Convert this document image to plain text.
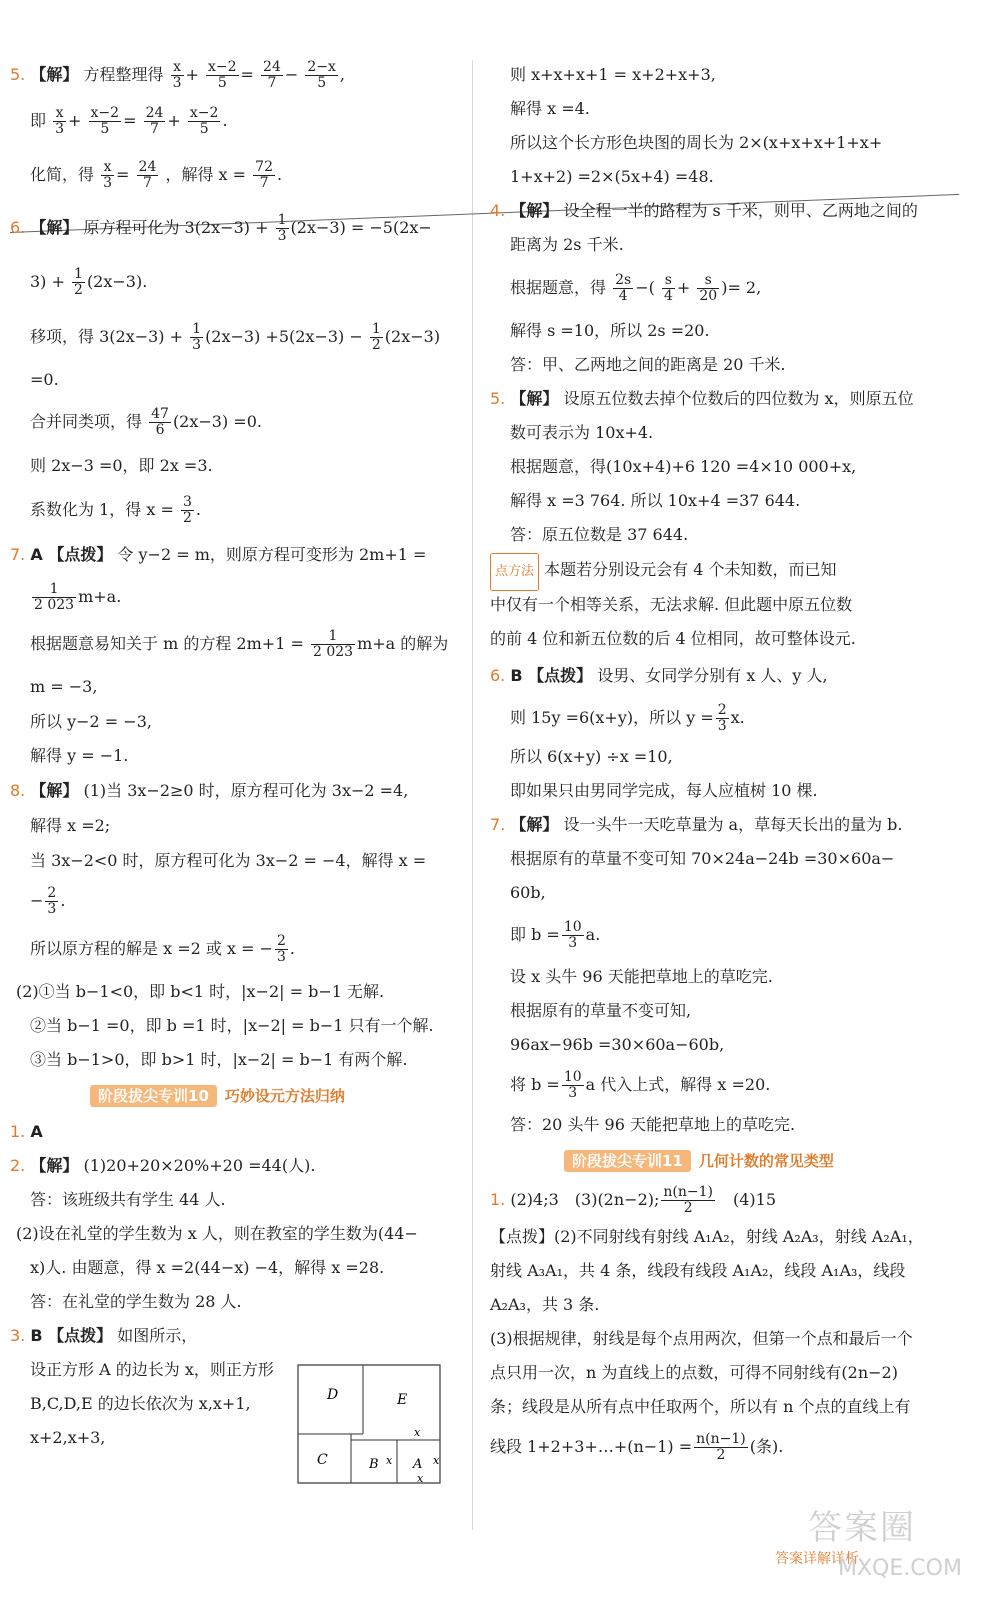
5. 【解】 方程整理得 $\frac{x}{3} + \frac{x-2}{5} = \frac{24}{7} - \frac{2-x}{5}$ ,

即 $\frac{x}{3} + \frac{x-2}{5} = \frac{24}{7} + \frac{x-2}{5}$ .

化简，得 $\frac{x}{3} = \frac{24}{7}$ ，解得 $x = \frac{72}{7}$ .

6. 【解】 原方程可化为 $3(2x-3) + \frac{1}{3} (2x-3) = -5(2x-$

$3) + \frac{1}{2} (2x-3)$.

移项，得 $3(2x-3) + \frac{1}{3} (2x-3) +5(2x-3) - \frac{1}{2} (2x-3)$

=0.

合并同类项，得 $\frac{47}{6} (2x-3) =0$.

则 2x−3 =0，即 2x =3.

系数化为 1，得 $x = \frac{3}{2}$ .

7. A 【点拨】 令 y−2 = m，则原方程可变形为 2m+1 =

$\frac{1}{2 023} m+a$.

根据题意易知关于 m 的方程 $2m+1 = \frac{1}{2 023} m+a$ 的解为

m = −3,

所以 y−2 = −3,

解得 y = −1.

8. 【解】 (1)当 3x−2≥0 时，原方程可化为 3x−2 =4,

解得 x =2;

当 3x−2<0 时，原方程可化为 3x−2 = −4，解得 x =

− $\frac{2}{3}$ .

所以原方程的解是 x =2 或 x = − $\frac{2}{3}$ .

(2)①当 b−1<0，即 b<1 时，|x−2| = b−1 无解.

②当 b−1 =0，即 b =1 时，|x−2| = b−1 只有一个解.

③当 b−1>0，即 b>1 时，|x−2| = b−1 有两个解.

阶段拔尖专训10 巧妙设元方法归纳

1. A

2. 【解】 (1)20+20×20%+20 =44(人).

答：该班级共有学生 44 人.

(2)设在礼堂的学生数为 x 人，则在教室的学生数为(44−

x)人. 由题意，得 x =2(44−x) −4，解得 x =28.

答：在礼堂的学生数为 28 人.

3. B 【点拨】 如图所示，

设正方形 A 的边长为 x，则正方形

B,C,D,E 的边长依次为 x,x+1,

x+2,x+3,

D	E
C	B	A
x
x	x
x

则 x+x+x+1 = x+2+x+3,

解得 x =4.

所以这个长方形色块图的周长为 2×(x+x+x+1+x+

1+x+2) =2×(5x+4) =48.

4. 【解】 设全程一半的路程为 s 千米，则甲、乙两地之间的

距离为 2s 千米.

根据题意，得 $\frac{2s}{4}$ −( $\frac{s}{4} + \frac{s}{20}$ )= 2,

解得 s =10，所以 2s =20.

答：甲、乙两地之间的距离是 20 千米.

5. 【解】 设原五位数去掉个位数后的四位数为 x，则原五位

数可表示为 10x+4.

根据题意，得(10x+4)+6 120 =4×10 000+x,

解得 x =3 764. 所以 10x+4 =37 644.

答：原五位数是 37 644.

点方法 本题若分别设元会有 4 个未知数，而已知

中仅有一个相等关系，无法求解. 但此题中原五位数

的前 4 位和新五位数的后 4 位相同，故可整体设元.

6. B 【点拨】 设男、女同学分别有 x 人、y 人,

则 15y =6(x+y)，所以 $y = \frac{2}{3} x$.

所以 6(x+y) ÷x =10,

即如果只由男同学完成，每人应植树 10 棵.

7. 【解】 设一头牛一天吃草量为 a，草每天长出的量为 b.

根据原有的草量不变可知 70×24a−24b =30×60a−

60b,

即 $b = \frac{10}{3} a$.

设 x 头牛 96 天能把草地上的草吃完.

根据原有的草量不变可知,

96ax−96b =30×60a−60b,

将 $b = \frac{10}{3}$ a 代入上式，解得 x =20.

答：20 头牛 96 天能把草地上的草吃完.

阶段拔尖专训11 几何计数的常见类型

1. (2)4;3　(3)(2n−2); $\frac{n(n-1)}{2}$ 　(4)15

【点拨】(2)不同射线有射线 A₁A₂，射线 A₂A₃，射线 A₂A₁，

射线 A₃A₁，共 4 条，线段有线段 A₁A₂，线段 A₁A₃，线段

A₂A₃，共 3 条.

(3)根据规律，射线是每个点用两次，但第一个点和最后一个

点只用一次，n 为直线上的点数，可得不同射线有(2n−2)

条；线段是从所有点中任取两个，所以有 n 个点的直线上有

线段 1+2+3+…+(n−1) = $\frac{n(n-1)}{2}$ (条).

答案圈
答案详解详析
MXQE.COM
